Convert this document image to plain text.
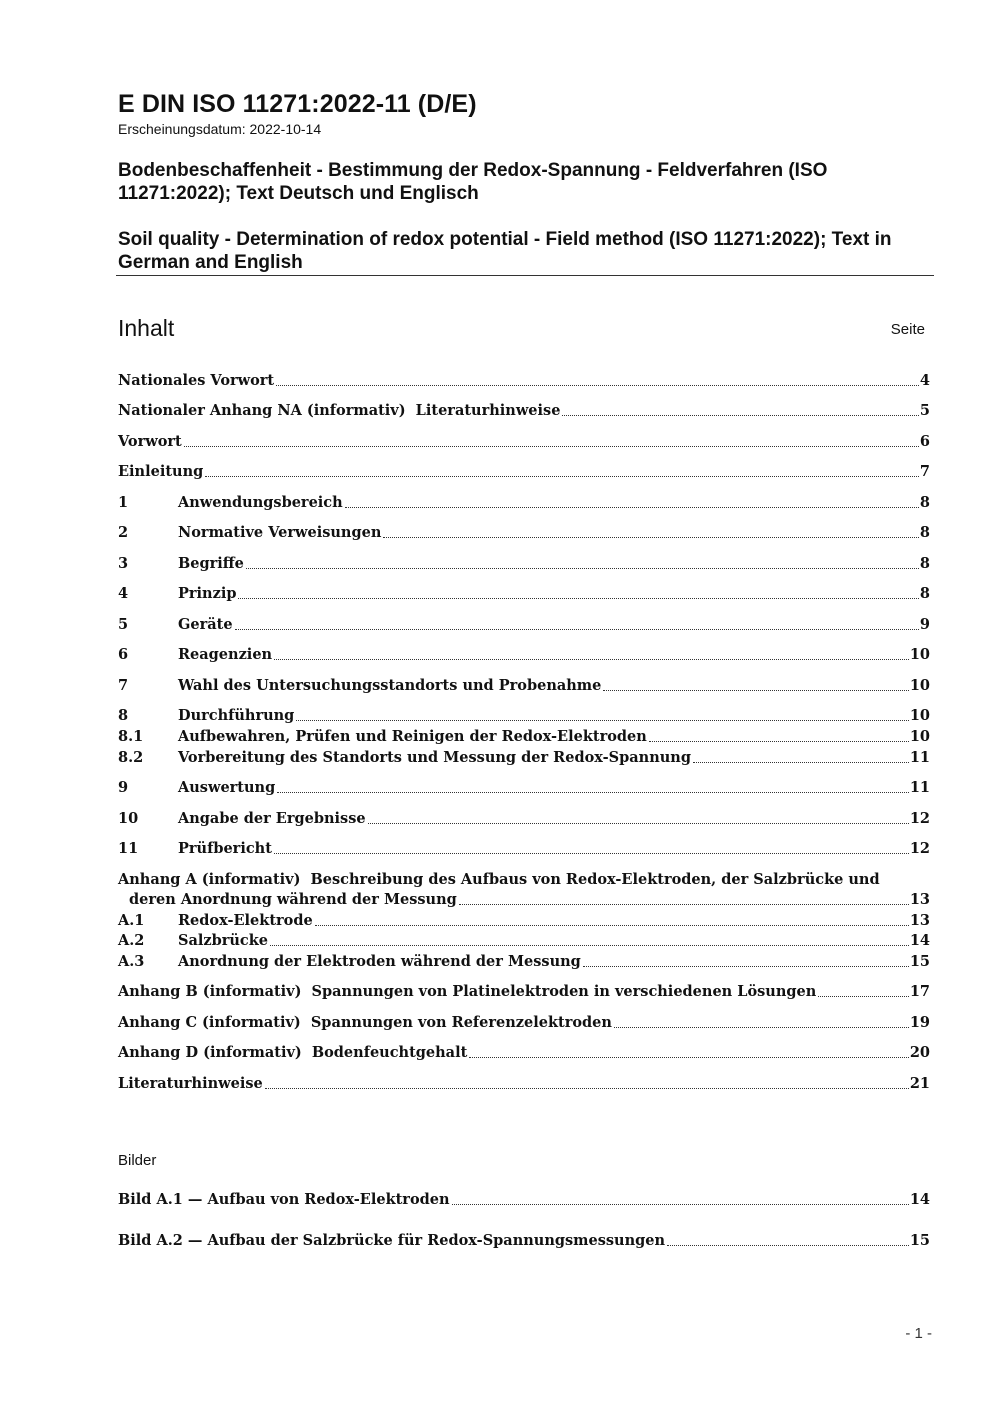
E DIN ISO 11271:2022-11 (D/E)
Erscheinungsdatum: 2022-10-14
Bodenbeschaffenheit - Bestimmung der Redox-Spannung - Feldverfahren (ISO 11271:2022); Text Deutsch und Englisch
Soil quality - Determination of redox potential - Field method (ISO 11271:2022); Text in German and English
Inhalt	Seite
Nationales Vorwort	4
Nationaler Anhang NA (informativ)  Literaturhinweise	5
Vorwort	6
Einleitung	7
1	Anwendungsbereich	8
2	Normative Verweisungen	8
3	Begriffe	8
4	Prinzip	8
5	Geräte	9
6	Reagenzien	10
7	Wahl des Untersuchungsstandorts und Probenahme	10
8	Durchführung	10
8.1	Aufbewahren, Prüfen und Reinigen der Redox-Elektroden	10
8.2	Vorbereitung des Standorts und Messung der Redox-Spannung	11
9	Auswertung	11
10	Angabe der Ergebnisse	12
11	Prüfbericht	12
Anhang A (informativ)  Beschreibung des Aufbaus von Redox-Elektroden, der Salzbrücke und
deren Anordnung während der Messung	13
A.1	Redox-Elektrode	13
A.2	Salzbrücke	14
A.3	Anordnung der Elektroden während der Messung	15
Anhang B (informativ)  Spannungen von Platinelektroden in verschiedenen Lösungen	17
Anhang C (informativ)  Spannungen von Referenzelektroden	19
Anhang D (informativ)  Bodenfeuchtgehalt	20
Literaturhinweise	21
Bild A.1 — Aufbau von Redox-Elektroden	14
Bild A.2 — Aufbau der Salzbrücke für Redox-Spannungsmessungen	15
Bilder
- 1 -
